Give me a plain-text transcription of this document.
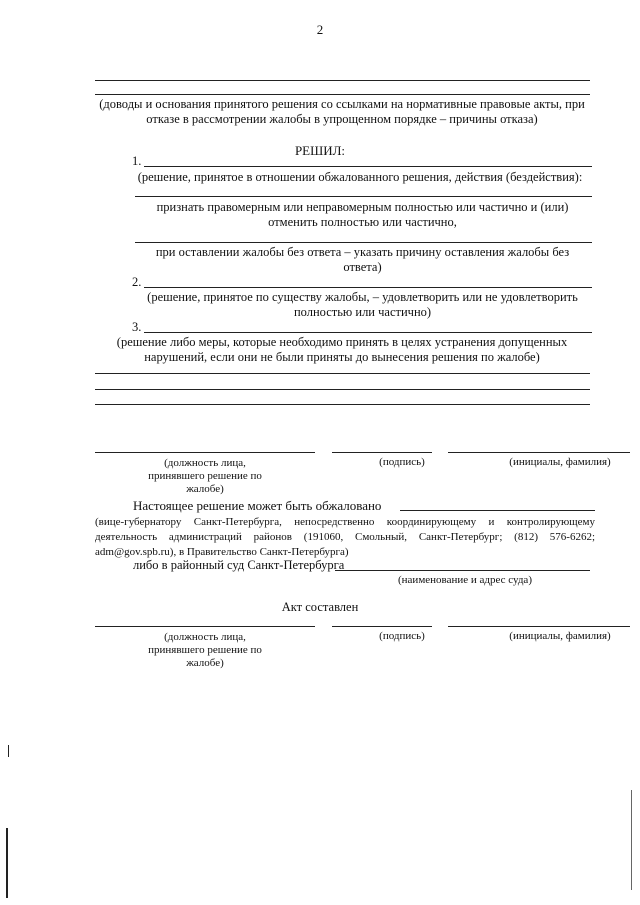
2
(доводы и основания принятого решения со ссылками на нормативные правовые акты, при отказе в рассмотрении жалобы в упрощенном порядке – причины отказа)
РЕШИЛ:
1.
(решение, принятое в отношении обжалованного решения, действия (бездействия):
признать правомерным или неправомерным полностью или частично и (или) отменить полностью или частично,
при оставлении жалобы без ответа – указать причину оставления жалобы без ответа)
2.
(решение, принятое по существу жалобы, – удовлетворить или не удовлетворить полностью или частично)
3.
(решение либо меры, которые необходимо принять в целях устранения допущенных нарушений, если они не были приняты до вынесения решения по жалобе)
(должность лица, принявшего решение по жалобе)
(подпись)	(инициалы, фамилия)
Настоящее решение может быть обжаловано
(вице-губернатору Санкт-Петербурга, непосредственно координирующему и контролирующему деятельность администраций районов (191060, Смольный, Санкт-Петербург; (812) 576-6262; adm@gov.spb.ru), в Правительство Санкт-Петербурга)
либо в районный суд Санкт-Петербурга
(наименование и адрес суда)
Акт составлен
(должность лица, принявшего решение по жалобе)
(подпись)	(инициалы, фамилия)
